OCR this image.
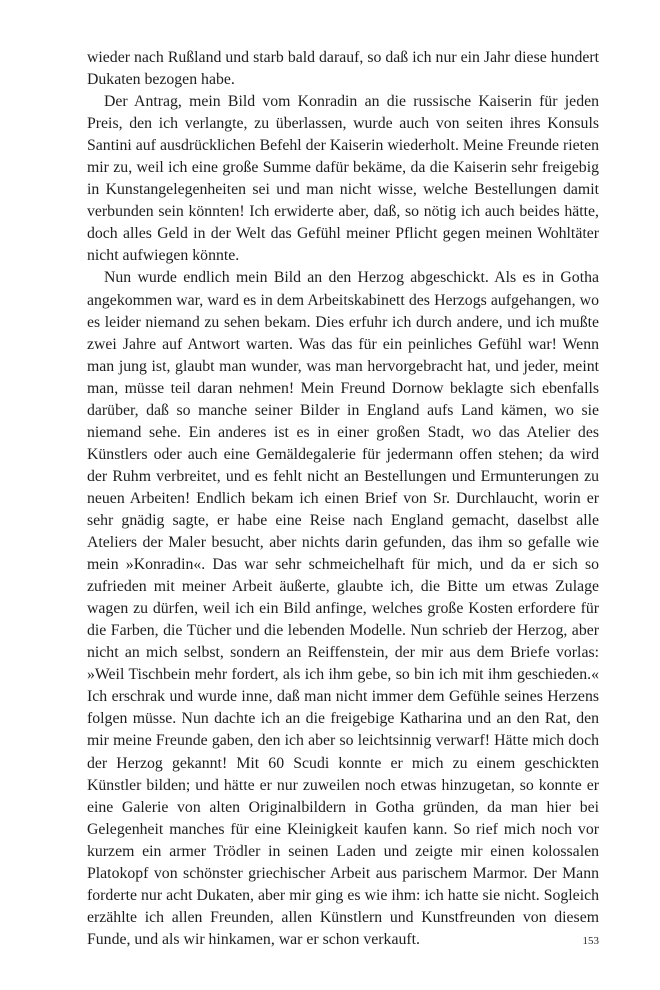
wieder nach Rußland und starb bald darauf, so daß ich nur ein Jahr diese hundert Dukaten bezogen habe.

Der Antrag, mein Bild vom Konradin an die russische Kaiserin für jeden Preis, den ich verlangte, zu überlassen, wurde auch von seiten ihres Konsuls Santini auf ausdrücklichen Befehl der Kaiserin wiederholt. Meine Freunde rieten mir zu, weil ich eine große Summe dafür bekäme, da die Kaiserin sehr freigebig in Kunstangelegenheiten sei und man nicht wisse, welche Bestellungen damit verbunden sein könnten! Ich erwiderte aber, daß, so nötig ich auch beides hätte, doch alles Geld in der Welt das Gefühl meiner Pflicht gegen meinen Wohltäter nicht aufwiegen könnte.

Nun wurde endlich mein Bild an den Herzog abgeschickt. Als es in Gotha angekommen war, ward es in dem Arbeitskabinett des Herzogs aufgehangen, wo es leider niemand zu sehen bekam. Dies erfuhr ich durch andere, und ich mußte zwei Jahre auf Antwort warten. Was das für ein peinliches Gefühl war! Wenn man jung ist, glaubt man wunder, was man hervorgebracht hat, und jeder, meint man, müsse teil daran nehmen! Mein Freund Dornow beklagte sich ebenfalls darüber, daß so manche seiner Bilder in England aufs Land kämen, wo sie niemand sehe. Ein anderes ist es in einer großen Stadt, wo das Atelier des Künstlers oder auch eine Gemäldegalerie für jedermann offen stehen; da wird der Ruhm verbreitet, und es fehlt nicht an Bestellungen und Ermunterungen zu neuen Arbeiten! Endlich bekam ich einen Brief von Sr. Durchlaucht, worin er sehr gnädig sagte, er habe eine Reise nach England gemacht, daselbst alle Ateliers der Maler besucht, aber nichts darin gefunden, das ihm so gefalle wie mein »Konradin«. Das war sehr schmeichelhaft für mich, und da er sich so zufrieden mit meiner Arbeit äußerte, glaubte ich, die Bitte um etwas Zulage wagen zu dürfen, weil ich ein Bild anfinge, welches große Kosten erfordere für die Farben, die Tücher und die lebenden Modelle. Nun schrieb der Herzog, aber nicht an mich selbst, sondern an Reiffenstein, der mir aus dem Briefe vorlas: »Weil Tischbein mehr fordert, als ich ihm gebe, so bin ich mit ihm geschieden.« Ich erschrak und wurde inne, daß man nicht immer dem Gefühle seines Herzens folgen müsse. Nun dachte ich an die freigebige Katharina und an den Rat, den mir meine Freunde gaben, den ich aber so leichtsinnig verwarf! Hätte mich doch der Herzog gekannt! Mit 60 Scudi konnte er mich zu einem geschickten Künstler bilden; und hätte er nur zuweilen noch etwas hinzugetan, so konnte er eine Galerie von alten Originalbildern in Gotha gründen, da man hier bei Gelegenheit manches für eine Kleinigkeit kaufen kann. So rief mich noch vor kurzem ein armer Trödler in seinen Laden und zeigte mir einen kolossalen Platokopf von schönster griechischer Arbeit aus parischem Marmor. Der Mann forderte nur acht Dukaten, aber mir ging es wie ihm: ich hatte sie nicht. Sogleich erzählte ich allen Freunden, allen Künstlern und Kunstfreunden von diesem Funde, und als wir hinkamen, war er schon verkauft.	153
